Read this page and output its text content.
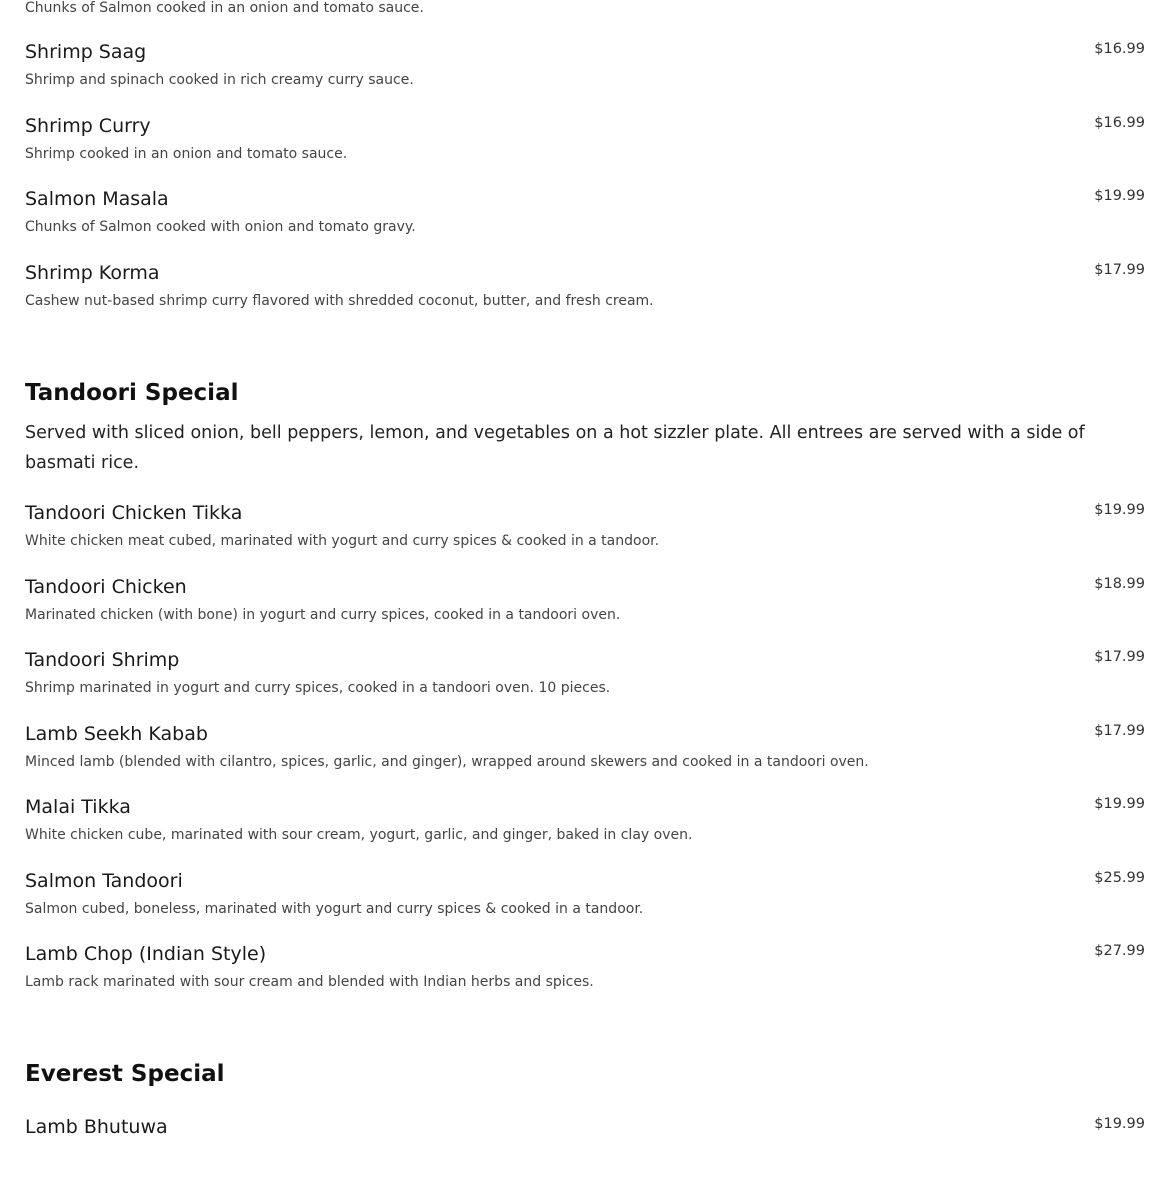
Chunks of Salmon cooked in an onion and tomato sauce.
Shrimp Saag	$16.99
Shrimp and spinach cooked in rich creamy curry sauce.
Shrimp Curry	$16.99
Shrimp cooked in an onion and tomato sauce.
Salmon Masala	$19.99
Chunks of Salmon cooked with onion and tomato gravy.
Shrimp Korma	$17.99
Cashew nut-based shrimp curry flavored with shredded coconut, butter, and fresh cream.
Tandoori Special
Served with sliced onion, bell peppers, lemon, and vegetables on a hot sizzler plate. All entrees are served with a side of basmati rice.
Tandoori Chicken Tikka	$19.99
White chicken meat cubed, marinated with yogurt and curry spices & cooked in a tandoor.
Tandoori Chicken	$18.99
Marinated chicken (with bone) in yogurt and curry spices, cooked in a tandoori oven.
Tandoori Shrimp	$17.99
Shrimp marinated in yogurt and curry spices, cooked in a tandoori oven. 10 pieces.
Lamb Seekh Kabab	$17.99
Minced lamb (blended with cilantro, spices, garlic, and ginger), wrapped around skewers and cooked in a tandoori oven.
Malai Tikka	$19.99
White chicken cube, marinated with sour cream, yogurt, garlic, and ginger, baked in clay oven.
Salmon Tandoori	$25.99
Salmon cubed, boneless, marinated with yogurt and curry spices & cooked in a tandoor.
Lamb Chop (Indian Style)	$27.99
Lamb rack marinated with sour cream and blended with Indian herbs and spices.
Everest Special
Lamb Bhutuwa	$19.99
